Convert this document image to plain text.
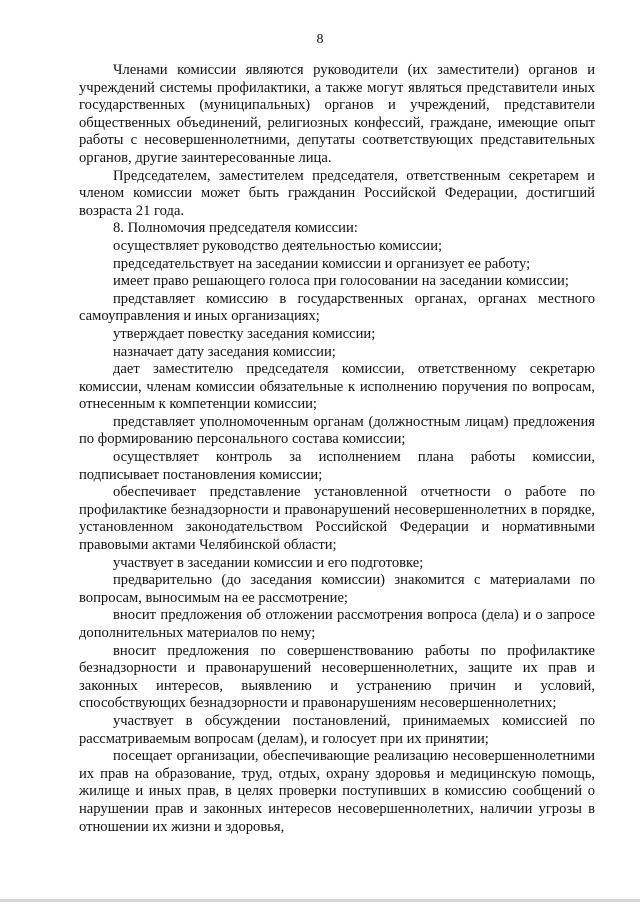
8

Членами комиссии являются руководители (их заместители) органов и учреждений системы профилактики, а также могут являться представители иных государственных (муниципальных) органов и учреждений, представители общественных объединений, религиозных конфессий, граждане, имеющие опыт работы с несовершеннолетними, депутаты соответствующих представительных органов, другие заинтересованные лица.

Председателем, заместителем председателя, ответственным секретарем и членом комиссии может быть гражданин Российской Федерации, достигший возраста 21 года.

8. Полномочия председателя комиссии:

осуществляет руководство деятельностью комиссии;

председательствует на заседании комиссии и организует ее работу;

имеет право решающего голоса при голосовании на заседании комиссии;

представляет комиссию в государственных органах, органах местного самоуправления и иных организациях;

утверждает повестку заседания комиссии;

назначает дату заседания комиссии;

дает заместителю председателя комиссии, ответственному секретарю комиссии, членам комиссии обязательные к исполнению поручения по вопросам, отнесенным к компетенции комиссии;

представляет уполномоченным органам (должностным лицам) предложения по формированию персонального состава комиссии;

осуществляет контроль за исполнением плана работы комиссии, подписывает постановления комиссии;

обеспечивает представление установленной отчетности о работе по профилактике безнадзорности и правонарушений несовершеннолетних в порядке, установленном законодательством Российской Федерации и нормативными правовыми актами Челябинской области;

участвует в заседании комиссии и его подготовке;

предварительно (до заседания комиссии) знакомится с материалами по вопросам, выносимым на ее рассмотрение;

вносит предложения об отложении рассмотрения вопроса (дела) и о запросе дополнительных материалов по нему;

вносит предложения по совершенствованию работы по профилактике безнадзорности и правонарушений несовершеннолетних, защите их прав и законных интересов, выявлению и устранению причин и условий, способствующих безнадзорности и правонарушениям несовершеннолетних;

участвует в обсуждении постановлений, принимаемых комиссией по рассматриваемым вопросам (делам), и голосует при их принятии;

посещает организации, обеспечивающие реализацию несовершеннолетними их прав на образование, труд, отдых, охрану здоровья и медицинскую помощь, жилище и иных прав, в целях проверки поступивших в комиссию сообщений о нарушении прав и законных интересов несовершеннолетних, наличии угрозы в отношении их жизни и здоровья,
